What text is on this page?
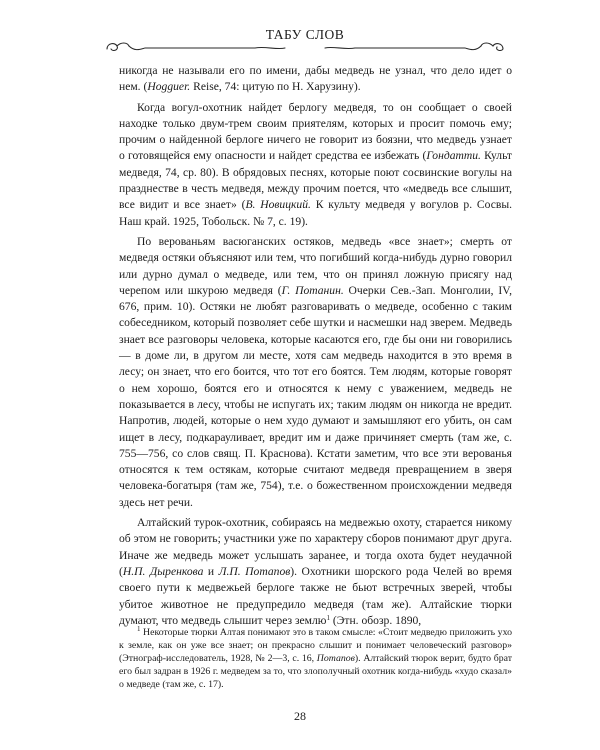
ТАБУ СЛОВ

никогда не называли его по имени, дабы медведь не узнал, что дело идет о нем. (Hogguer. Reise, 74: цитую по Н. Харузину).

Когда вогул-охотник найдет берлогу медведя, то он сообщает о своей находке только двум-трем своим приятелям, которых и просит помочь ему; прочим о найденной берлоге ничего не говорит из боязни, что медведь узнает о готовящейся ему опасности и найдет средства ее избежать (Гондатти. Культ медведя, 74, ср. 80). В обрядовых песнях, которые поют сосвинские вогулы на празднестве в честь медведя, между прочим поется, что «медведь все слышит, все видит и все знает» (В. Новицкий. К культу медведя у вогулов р. Сосвы. Наш край. 1925, Тобольск. № 7, с. 19).

По верованьям васюганских остяков, медведь «все знает»; смерть от медведя остяки объясняют или тем, что погибший когда-нибудь дурно говорил или дурно думал о медведе, или тем, что он принял ложную присягу над черепом или шкурою медведя (Г. Потанин. Очерки Сев.-Зап. Монголии, IV, 676, прим. 10). Остяки не любят разговаривать о медведе, особенно с таким собеседником, который позволяет себе шутки и насмешки над зверем. Медведь знает все разговоры человека, которые касаются его, где бы они ни говорились — в доме ли, в другом ли месте, хотя сам медведь находится в это время в лесу; он знает, что его боится, что тот его боятся. Тем людям, которые говорят о нем хорошо, боятся его и относятся к нему с уважением, медведь не показывается в лесу, чтобы не испугать их; таким людям он никогда не вредит. Напротив, людей, которые о нем худо думают и замышляют его убить, он сам ищет в лесу, подкарауливает, вредит им и даже причиняет смерть (там же, с. 755—756, со слов свящ. П. Краснова). Кстати заметим, что все эти верованья относятся к тем остякам, которые считают медведя превращением в зверя человека-богатыря (там же, 754), т.е. о божественном происхождении медведя здесь нет речи.

Алтайский турок-охотник, собираясь на медвежью охоту, старается никому об этом не говорить; участники уже по характеру сборов понимают друг друга. Иначе же медведь может услышать заранее, и тогда охота будет неудачной (Н.П. Дыренкова и Л.П. Потапов). Охотники шорского рода Челей во время своего пути к медвежьей берлоге также не бьют встречных зверей, чтобы убитое животное не предупредило медведя (там же). Алтайские тюрки думают, что медведь слышит через землю$^1$ (Этн. обозр. 1890,

$^1$ Некоторые тюрки Алтая понимают это в таком смысле: «Стоит медведю приложить ухо к земле, как он уже все знает; он прекрасно слышит и понимает человеческий разговор» (Этнограф-исследователь, 1928, № 2—3, с. 16, Потапов). Алтайский тюрок верит, будто брат его был задран в 1926 г. медведем за то, что злополучный охотник когда-нибудь «худо сказал» о медведе (там же, с. 17).

28
